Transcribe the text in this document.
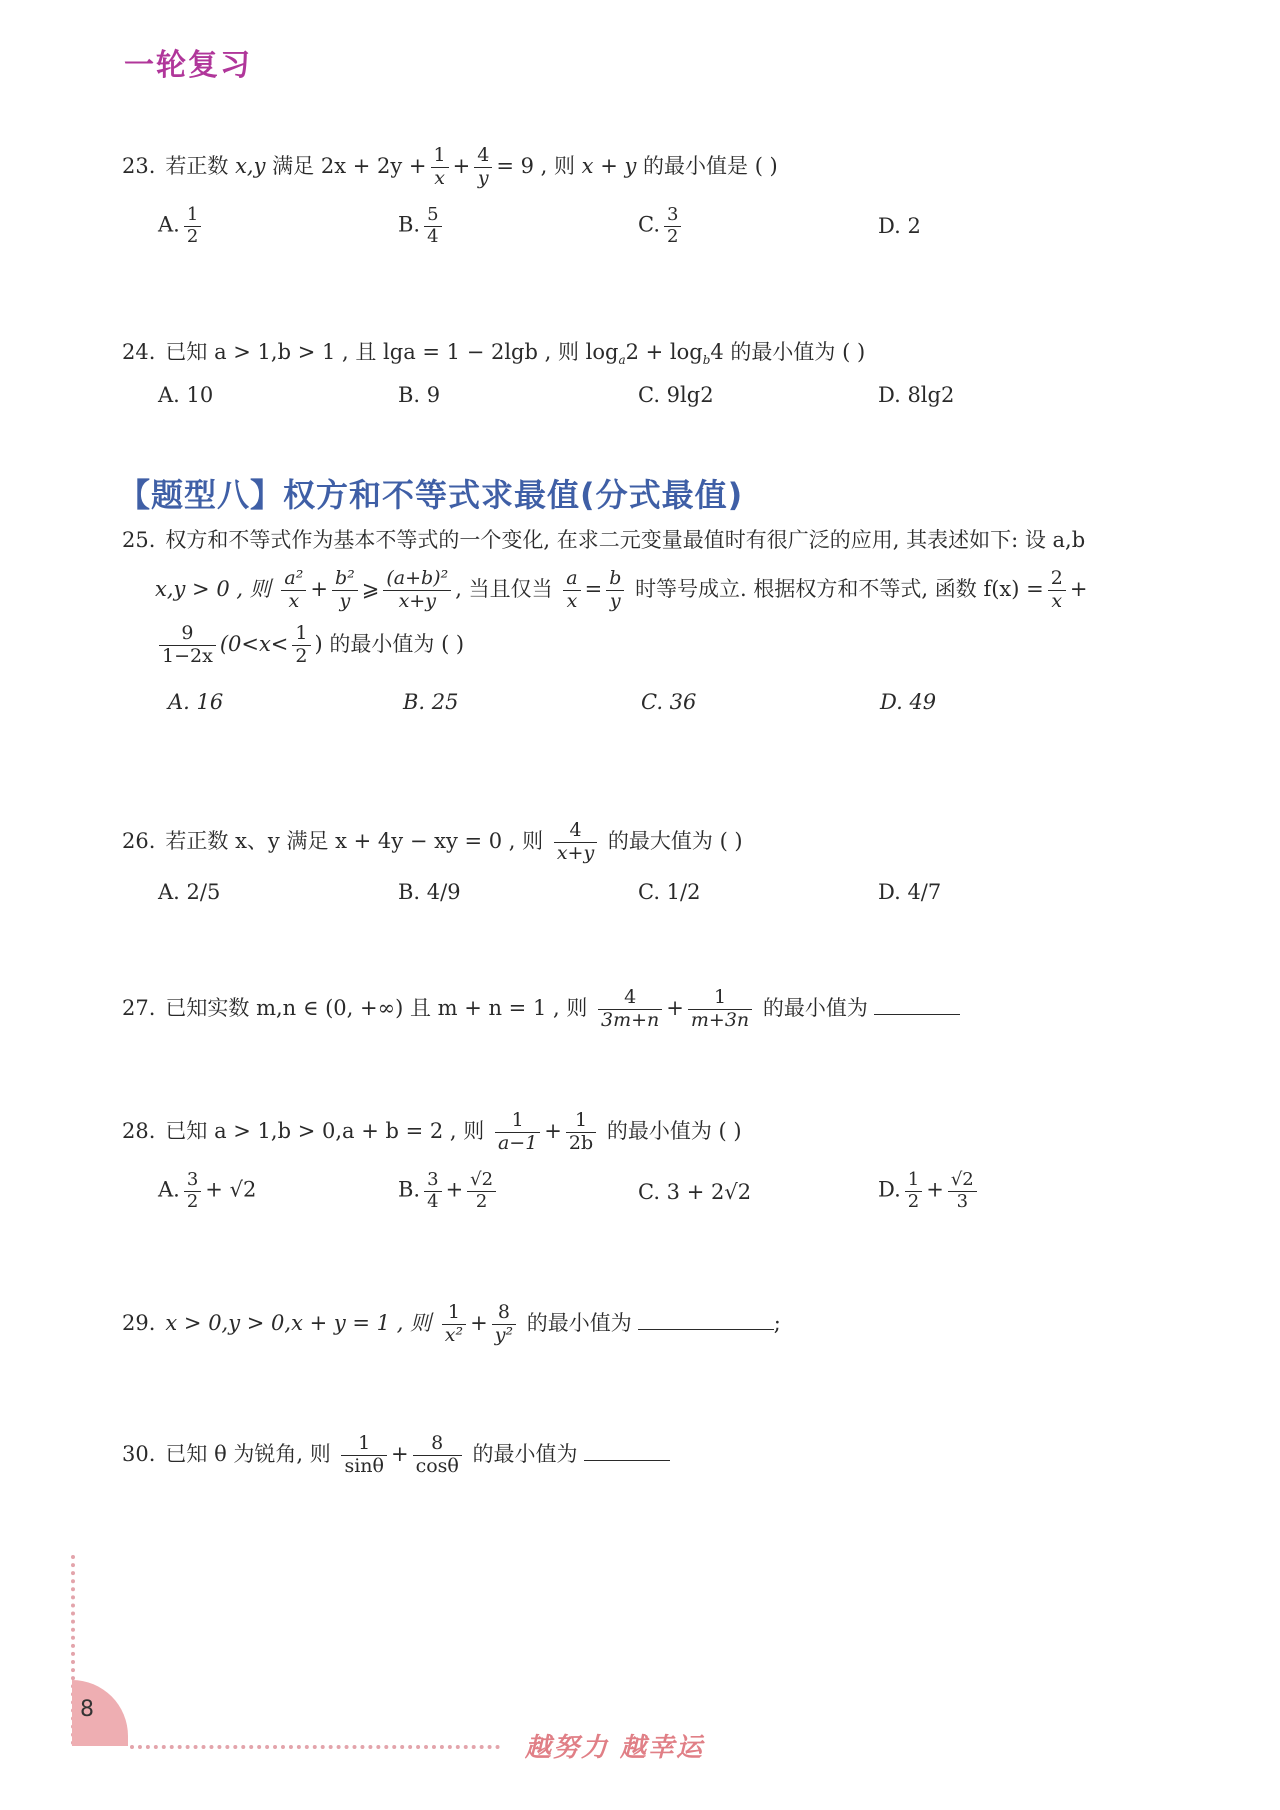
一轮复习
23. 若正数 x,y 满足 $2x + 2y + \frac{1}{x} + \frac{4}{y} = 9$ , 则 x + y 的最小值是 ( )
A. $\frac{1}{2}$	B. $\frac{5}{4}$	C. $\frac{3}{2}$	D. 2
24. 已知 a > 1,b > 1 , 且 lga = 1 − 2lgb , 则 $\log_a2 + \log_b4$ 的最小值为 ( )
A. 10	B. 9	C. 9lg2	D. 8lg2
【题型八】权方和不等式求最值(分式最值)
25. 权方和不等式作为基本不等式的一个变化, 在求二元变量最值时有很广泛的应用, 其表述如下: 设 a,b
x,y > 0 , 则 $\frac{\text{a²}}{x} + \frac{\text{b²}}{y}$ ⩾ $\frac{\text{(a+b)²}}{x+y}$ , 当且仅当 $\frac{a}{x} = \frac{b}{y}$ 时等号成立. 根据权方和不等式, 函数 $f(x) = \frac{2}{x}$ +
$\frac{9}{1-2x} (0<x< \frac{1}{2}$ ) 的最小值为 ( )
A. 16	B. 25	C. 36	D. 49
26. 若正数 x、y 满足 x + 4y − xy = 0 , 则 $\frac{4}{x+y}$ 的最大值为 ( )
A. 2/5	B. 4/9	C. 1/2	D. 4/7
27. 已知实数 m,n ∈ (0, +∞) 且 m + n = 1 , 则 $\frac{4}{3m+n} + \frac{1}{m+3n}$ 的最小值为
28. 已知 a > 1,b > 0,a + b = 2 , 则 $\frac{1}{a-1} + \frac{1}{2b}$ 的最小值为 ( )
A. $\frac{3}{2} + √2$	B. $\frac{3}{4} + \frac{√2}{2}$	C. 3 + 2√2	D. $\frac{1}{2} + \frac{√2}{3}$
29. x > 0,y > 0,x + y = 1 , 则 $\frac{1}{\text{x²}} + \frac{8}{\text{y²}}$ 的最小值为	;
30. 已知 θ 为锐角, 则 $\frac{1}{\sin\theta} + \frac{8}{\cos\theta}$ 的最小值为
8
越努力 越幸运
